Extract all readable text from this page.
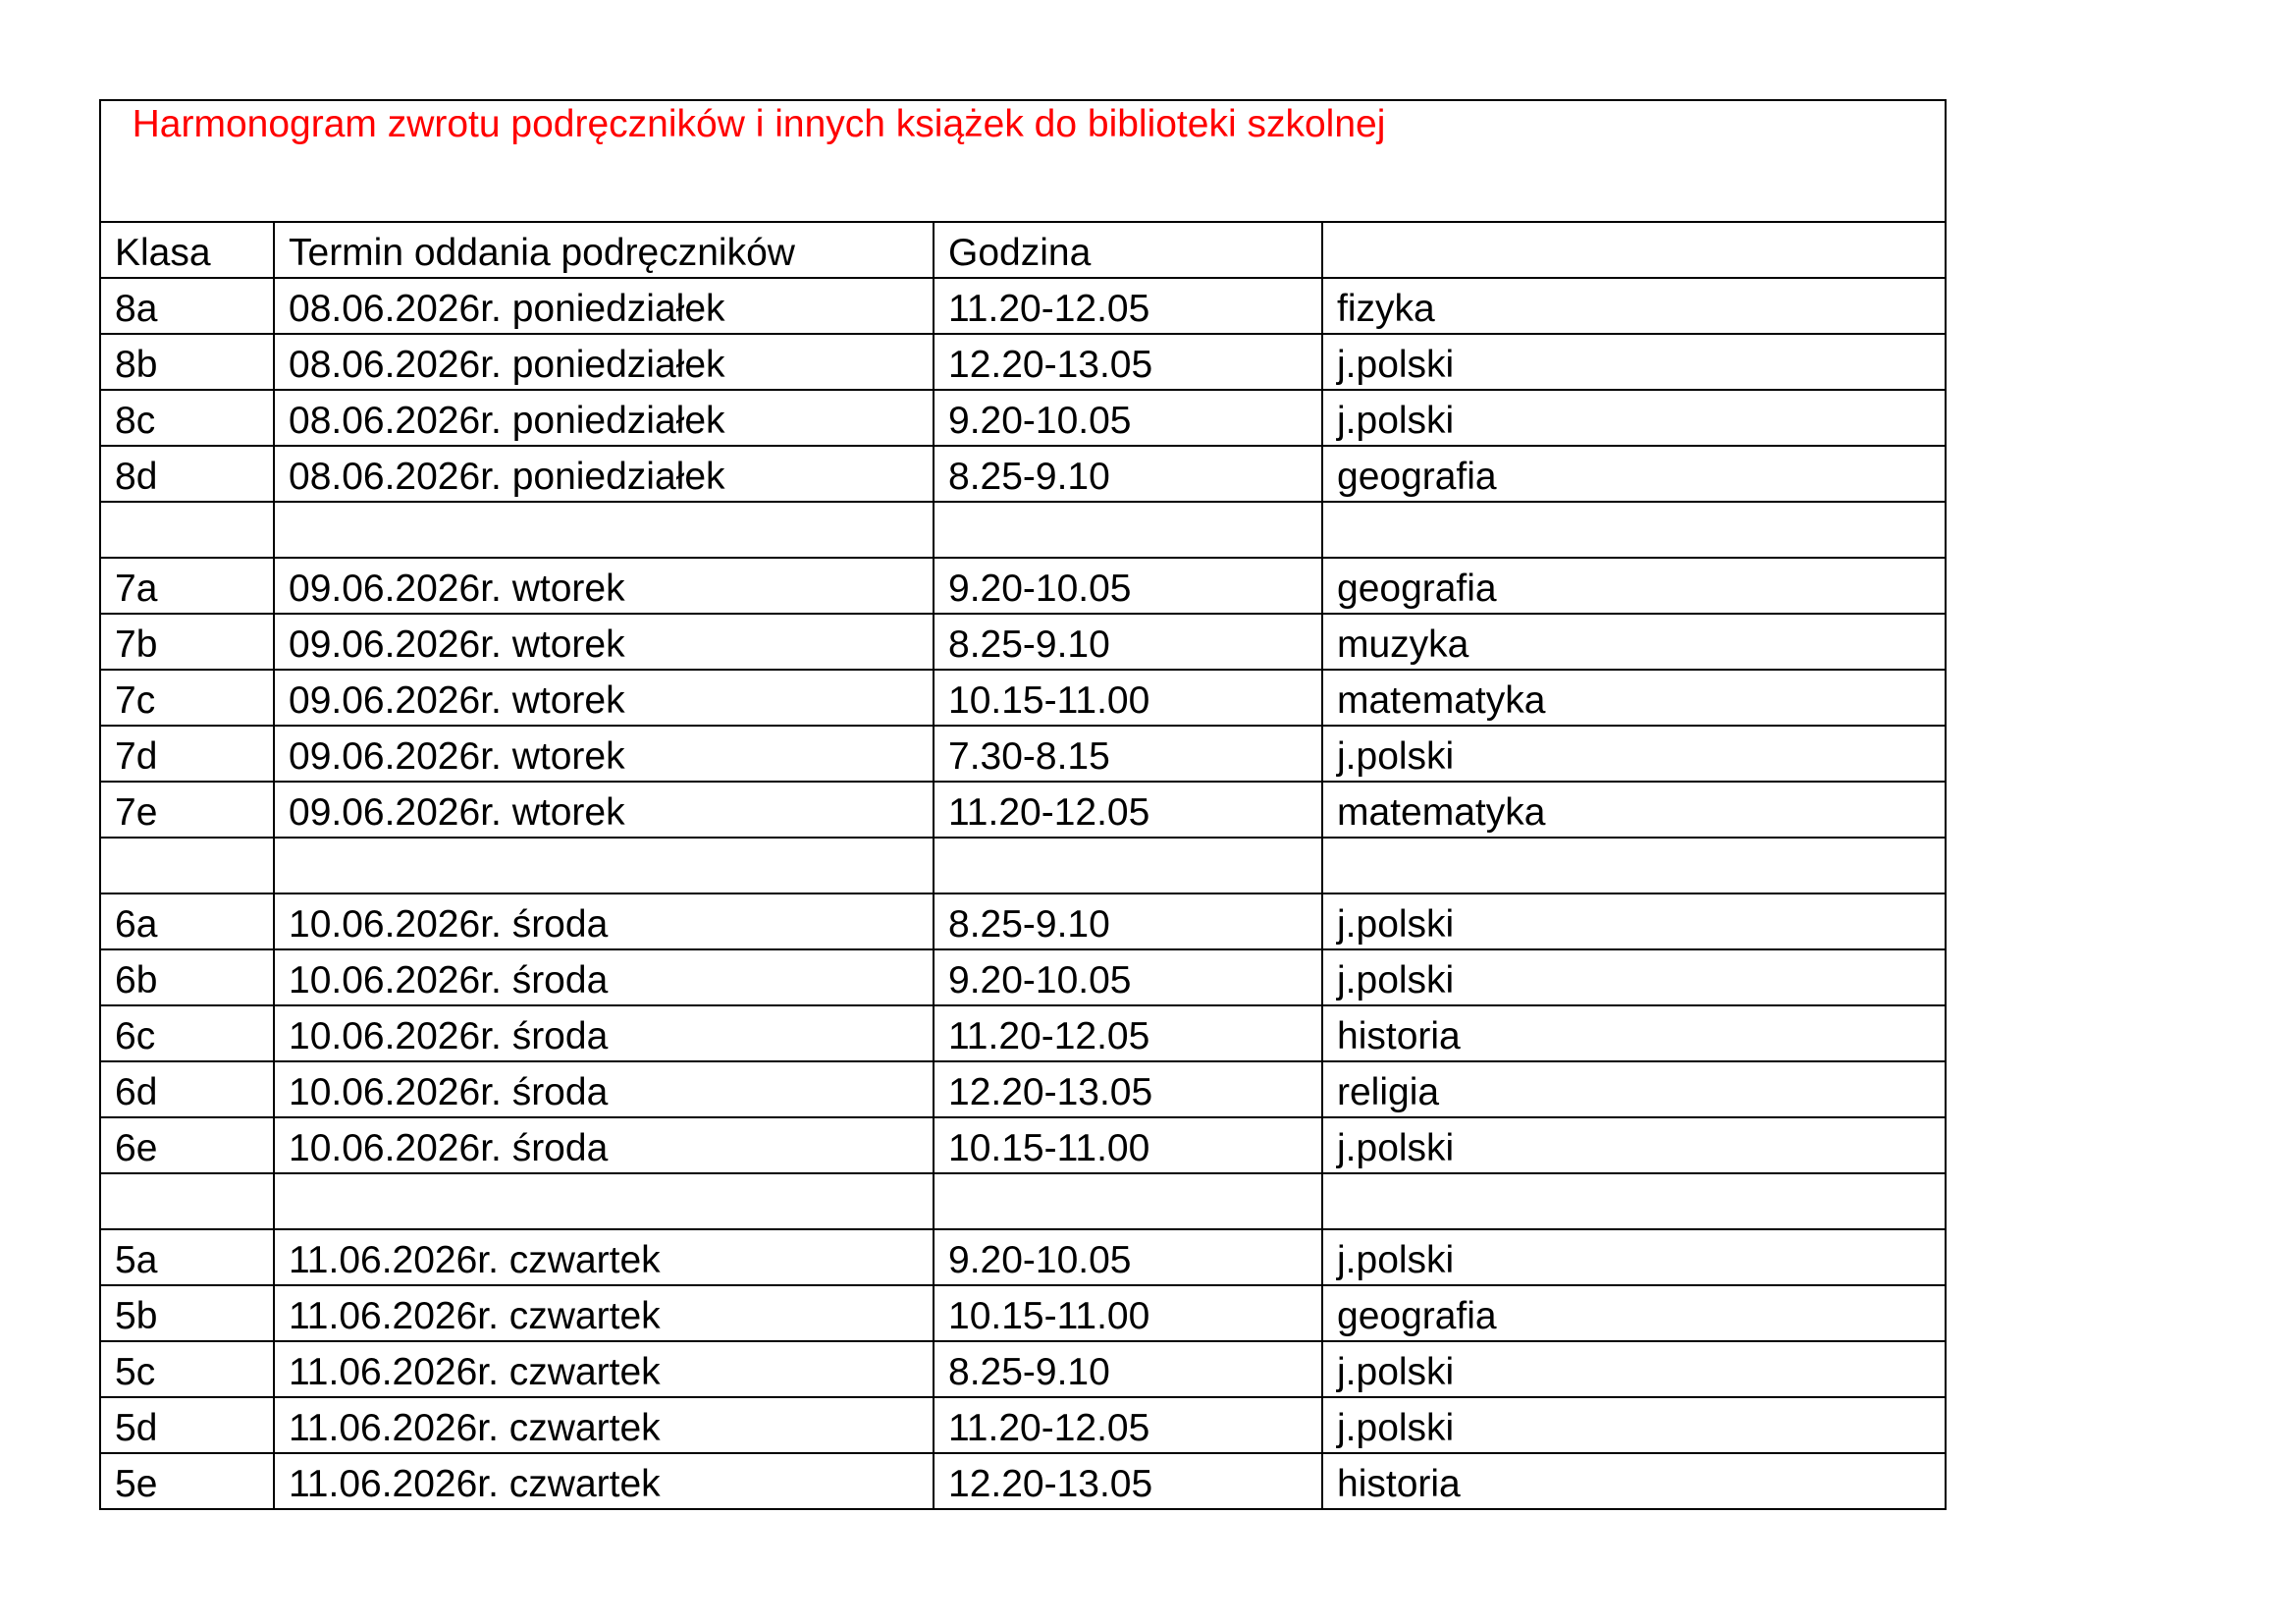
Harmonogram zwrotu podręczników i innych książek do biblioteki szkolnej			

Klasa	Termin oddania podręczników	Godzina	
8a	08.06.2026r. poniedziałek	11.20-12.05	fizyka
8b	08.06.2026r. poniedziałek	12.20-13.05	j.polski
8c	08.06.2026r. poniedziałek	9.20-10.05	j.polski
8d	08.06.2026r. poniedziałek	8.25-9.10	geografia

7a	09.06.2026r. wtorek	9.20-10.05	geografia
7b	09.06.2026r. wtorek	8.25-9.10	muzyka
7c	09.06.2026r. wtorek	10.15-11.00	matematyka
7d	09.06.2026r. wtorek	7.30-8.15	j.polski
7e	09.06.2026r. wtorek	11.20-12.05	matematyka

6a	10.06.2026r. środa	8.25-9.10	j.polski
6b	10.06.2026r. środa	9.20-10.05	j.polski
6c	10.06.2026r. środa	11.20-12.05	historia
6d	10.06.2026r. środa	12.20-13.05	religia
6e	10.06.2026r. środa	10.15-11.00	j.polski

5a	11.06.2026r. czwartek	9.20-10.05	j.polski
5b	11.06.2026r. czwartek	10.15-11.00	geografia
5c	11.06.2026r. czwartek	8.25-9.10	j.polski
5d	11.06.2026r. czwartek	11.20-12.05	j.polski
5e	11.06.2026r. czwartek	12.20-13.05	historia
